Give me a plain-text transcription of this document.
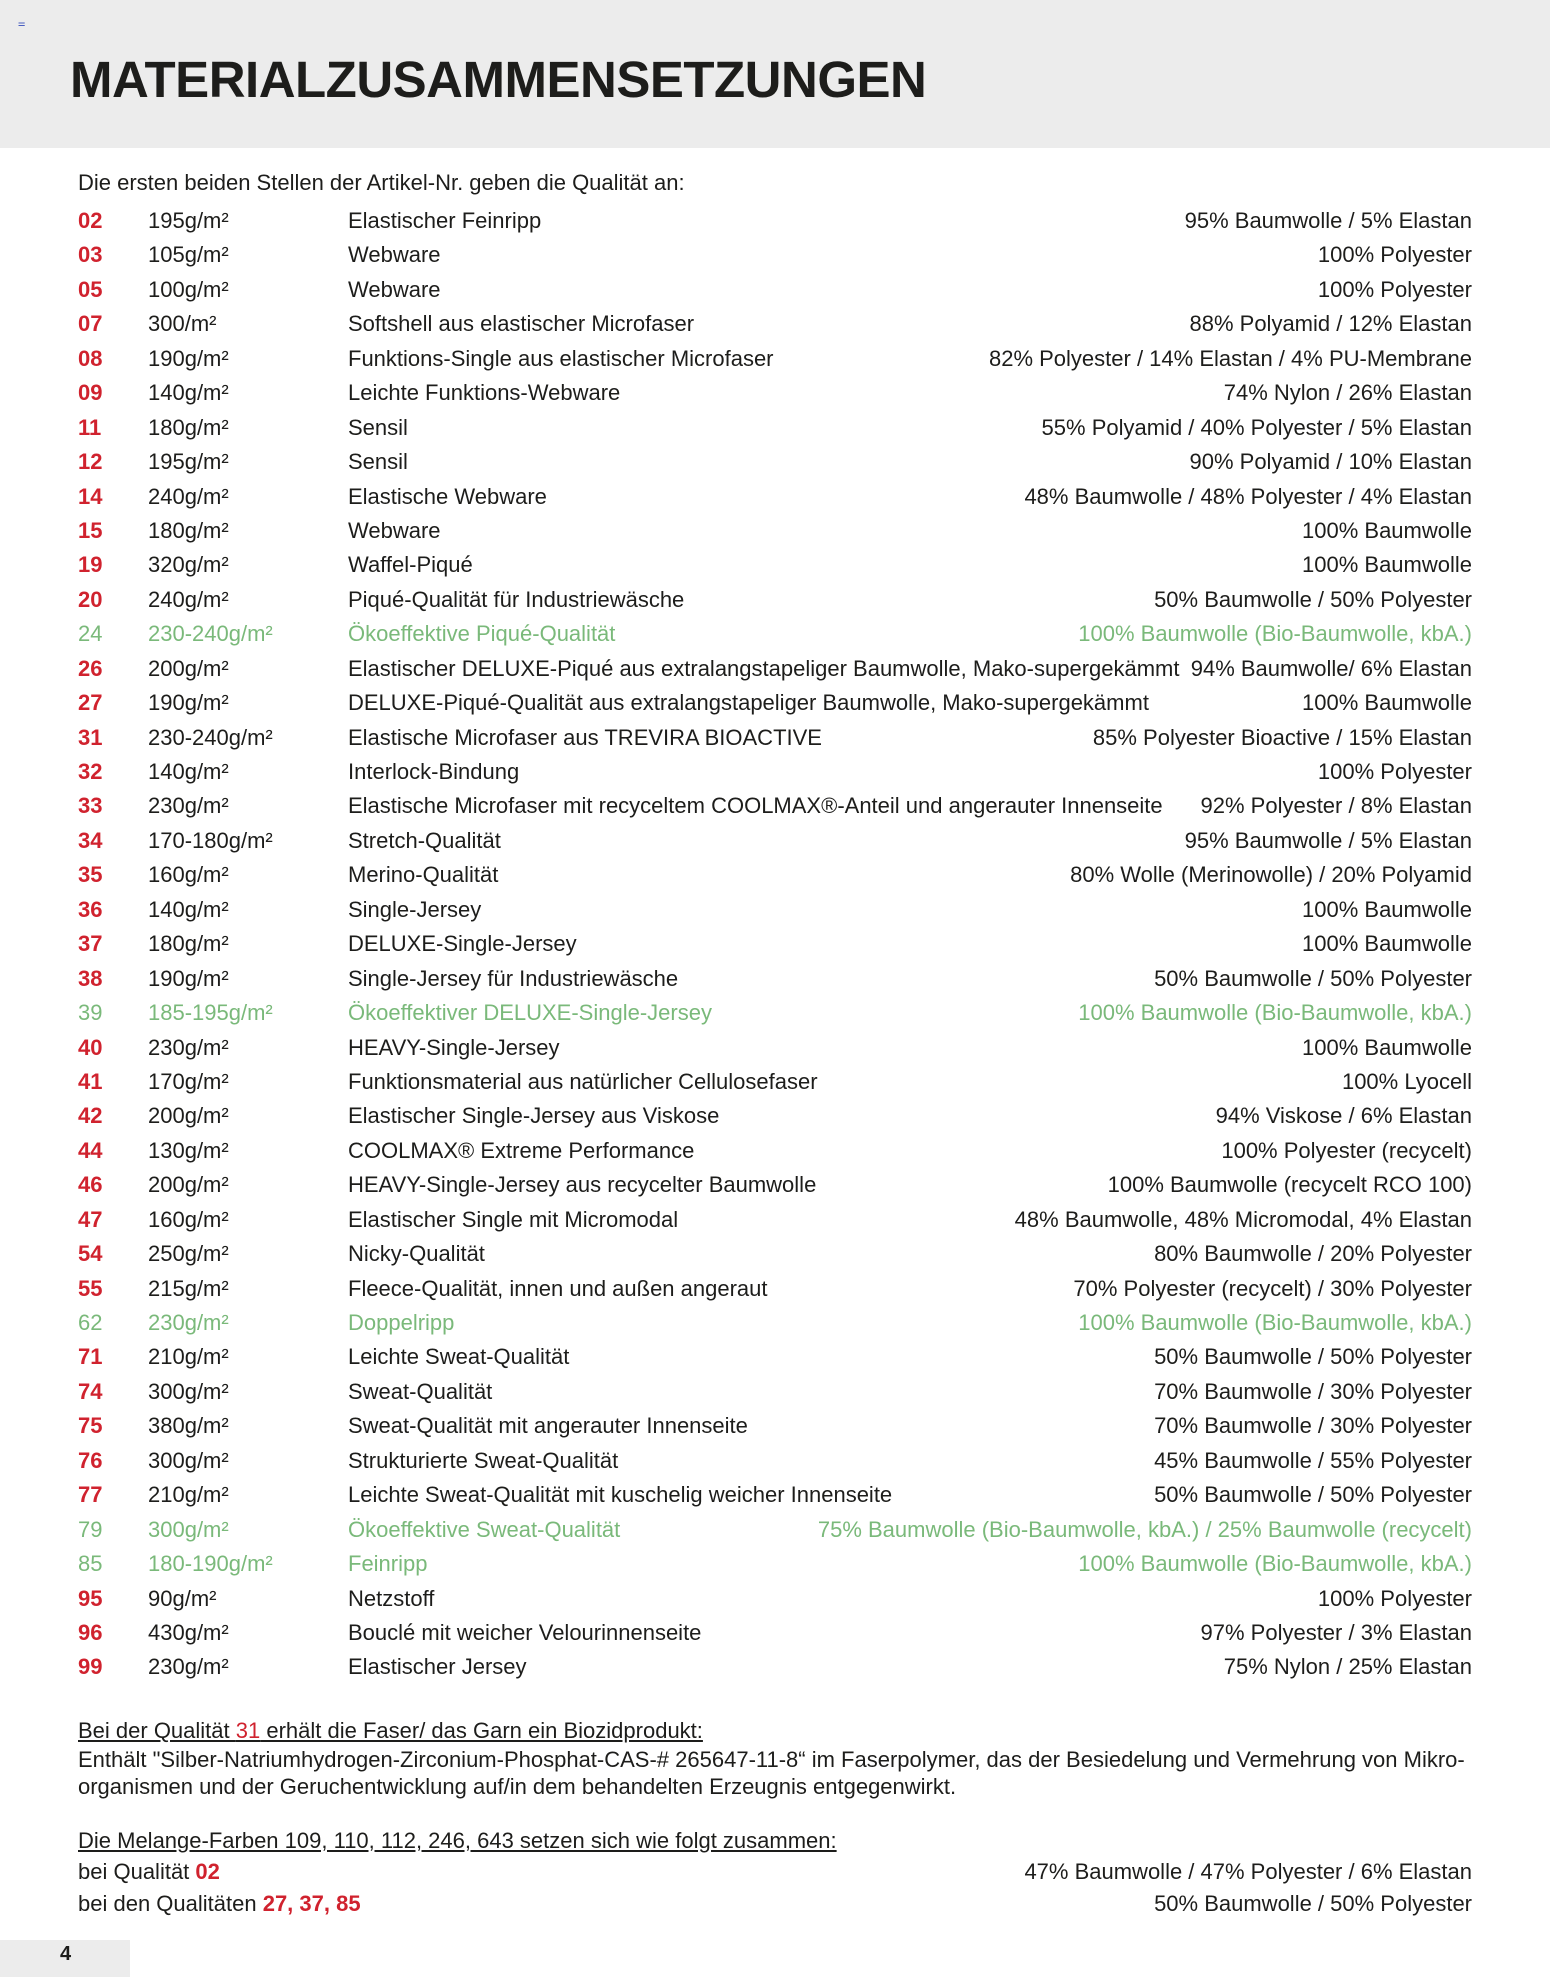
=
MATERIALZUSAMMENSETZUNGEN
Die ersten beiden Stellen der Artikel-Nr. geben die Qualität an:
02 195g/m²	Elastischer Feinripp	95% Baumwolle / 5% Elastan
03 105g/m²	Webware	100% Polyester
05 100g/m²	Webware	100% Polyester
07 300/m²	Softshell aus elastischer Microfaser	88% Polyamid / 12% Elastan
08 190g/m²	Funktions-Single aus elastischer Microfaser	82% Polyester / 14% Elastan / 4% PU-Membrane
09 140g/m²	Leichte Funktions-Webware	74% Nylon / 26% Elastan
11 180g/m²	Sensil	55% Polyamid / 40% Polyester / 5% Elastan
12 195g/m²	Sensil	90% Polyamid / 10% Elastan
14 240g/m²	Elastische Webware	48% Baumwolle / 48% Polyester / 4% Elastan
15 180g/m²	Webware	100% Baumwolle
19 320g/m²	Waffel-Piqué	100% Baumwolle
20 240g/m²	Piqué-Qualität für Industriewäsche	50% Baumwolle / 50% Polyester
24 230-240g/m²	Ökoeffektive Piqué-Qualität	100% Baumwolle (Bio-Baumwolle, kbA.)
26 200g/m²	Elastischer DELUXE-Piqué aus extralangstapeliger Baumwolle, Mako-supergekämmt 94% Baumwolle/ 6% Elastan
27 190g/m²	DELUXE-Piqué-Qualität aus extralangstapeliger Baumwolle, Mako-supergekämmt	100% Baumwolle
31 230-240g/m²	Elastische Microfaser aus TREVIRA BIOACTIVE	85% Polyester Bioactive / 15% Elastan
32 140g/m²	Interlock-Bindung	100% Polyester
33 230g/m²	Elastische Microfaser mit recyceltem COOLMAX®-Anteil und angerauter Innenseite 92% Polyester / 8% Elastan
34 170-180g/m²	Stretch-Qualität	95% Baumwolle / 5% Elastan
35 160g/m²	Merino-Qualität	80% Wolle (Merinowolle) / 20% Polyamid
36 140g/m²	Single-Jersey	100% Baumwolle
37 180g/m²	DELUXE-Single-Jersey	100% Baumwolle
38 190g/m²	Single-Jersey für Industriewäsche	50% Baumwolle / 50% Polyester
39 185-195g/m²	Ökoeffektiver DELUXE-Single-Jersey	100% Baumwolle (Bio-Baumwolle, kbA.)
40 230g/m²	HEAVY-Single-Jersey	100% Baumwolle
41 170g/m²	Funktionsmaterial aus natürlicher Cellulosefaser	100% Lyocell
42 200g/m²	Elastischer Single-Jersey aus Viskose	94% Viskose / 6% Elastan
44 130g/m²	COOLMAX® Extreme Performance	100% Polyester (recycelt)
46 200g/m²	HEAVY-Single-Jersey aus recycelter Baumwolle	100% Baumwolle (recycelt RCO 100)
47 160g/m²	Elastischer Single mit Micromodal	48% Baumwolle, 48% Micromodal, 4% Elastan
54 250g/m²	Nicky-Qualität	80% Baumwolle / 20% Polyester
55 215g/m²	Fleece-Qualität, innen und außen angeraut	70% Polyester (recycelt) / 30% Polyester
62 230g/m²	Doppelripp	100% Baumwolle (Bio-Baumwolle, kbA.)
71 210g/m²	Leichte Sweat-Qualität	50% Baumwolle / 50% Polyester
74 300g/m²	Sweat-Qualität	70% Baumwolle / 30% Polyester
75 380g/m²	Sweat-Qualität mit angerauter Innenseite	70% Baumwolle / 30% Polyester
76 300g/m²	Strukturierte Sweat-Qualität	45% Baumwolle / 55% Polyester
77 210g/m²	Leichte Sweat-Qualität mit kuschelig weicher Innenseite	50% Baumwolle / 50% Polyester
79 300g/m²	Ökoeffektive Sweat-Qualität	75% Baumwolle (Bio-Baumwolle, kbA.) / 25% Baumwolle (recycelt)
85 180-190g/m²	Feinripp	100% Baumwolle (Bio-Baumwolle, kbA.)
95 90g/m²	Netzstoff	100% Polyester
96 430g/m²	Bouclé mit weicher Velourinnenseite	97% Polyester / 3% Elastan
99 230g/m²	Elastischer Jersey	75% Nylon / 25% Elastan
Bei der Qualität 31 erhält die Faser/ das Garn ein Biozidprodukt:
Enthält "Silber-Natriumhydrogen-Zirconium-Phosphat-CAS-# 265647-11-8“ im Faserpolymer, das der Besiedelung und Vermehrung von Mikro-organismen und der Geruchentwicklung auf/in dem behandelten Erzeugnis entgegenwirkt.
Die Melange-Farben 109, 110, 112, 246, 643 setzen sich wie folgt zusammen:
bei Qualität 02	47% Baumwolle / 47% Polyester / 6% Elastan
bei den Qualitäten 27, 37, 85	50% Baumwolle / 50% Polyester
4
